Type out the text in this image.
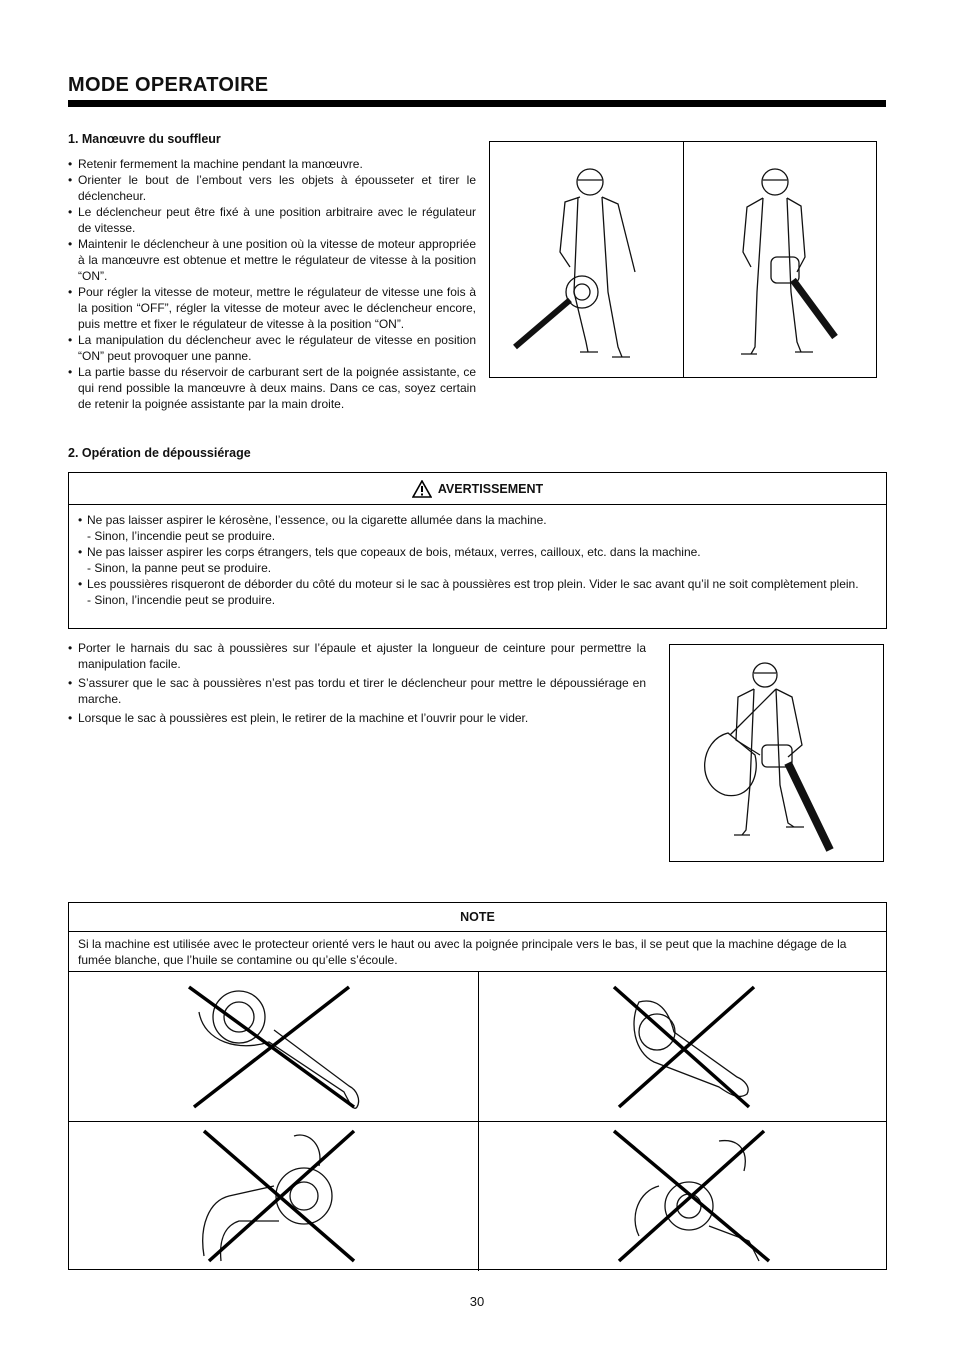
MODE OPERATOIRE
1. Manœuvre du souffleur
• Retenir fermement la machine pendant la manœuvre.
• Orienter le bout de l’embout vers les objets à épousseter et tirer le déclencheur.
• Le déclencheur peut être fixé à une position arbitraire avec le régulateur de vitesse.
• Maintenir le déclencheur à une position où la vitesse de moteur appropriée à la manœuvre est obtenue et mettre le régulateur de vitesse à la position “ON”.
• Pour régler la vitesse de moteur, mettre le régulateur de vitesse une fois à la position “OFF”, régler la vitesse de moteur avec le déclencheur encore, puis mettre et fixer le régulateur de vitesse à la position “ON”.
• La manipulation du déclencheur avec le régulateur de vitesse en position “ON” peut provoquer une panne.
• La partie basse du réservoir de carburant sert de la poignée assistante, ce qui rend possible la manœuvre à deux mains. Dans ce cas, soyez certain de retenir la poignée assistante par la main droite.
2. Opération de dépoussiérage
AVERTISSEMENT
• Ne pas laisser aspirer le kérosène, l’essence, ou la cigarette allumée dans la machine.
- Sinon, l’incendie peut se produire.
• Ne pas laisser aspirer les corps étrangers, tels que copeaux de bois, métaux, verres, cailloux, etc. dans la machine.
- Sinon, la panne peut se produire.
• Les poussières risqueront de déborder du côté du moteur si le sac à poussières est trop plein. Vider le sac avant qu’il ne soit complètement plein.
- Sinon, l’incendie peut se produire.
• Porter le harnais du sac à poussières sur l’épaule et ajuster la longueur de ceinture pour permettre la manipulation facile.
• S’assurer que le sac à poussières n’est pas tordu et tirer le déclencheur pour mettre le dépoussiérage en marche.
• Lorsque le sac à poussières est plein, le retirer de la machine et l’ouvrir pour le vider.
NOTE
Si la machine est utilisée avec le protecteur orienté vers le haut ou avec la poignée principale vers le bas, il se peut que la machine dégage de la fumée blanche, que l’huile se contamine ou qu’elle s’écoule.
30
